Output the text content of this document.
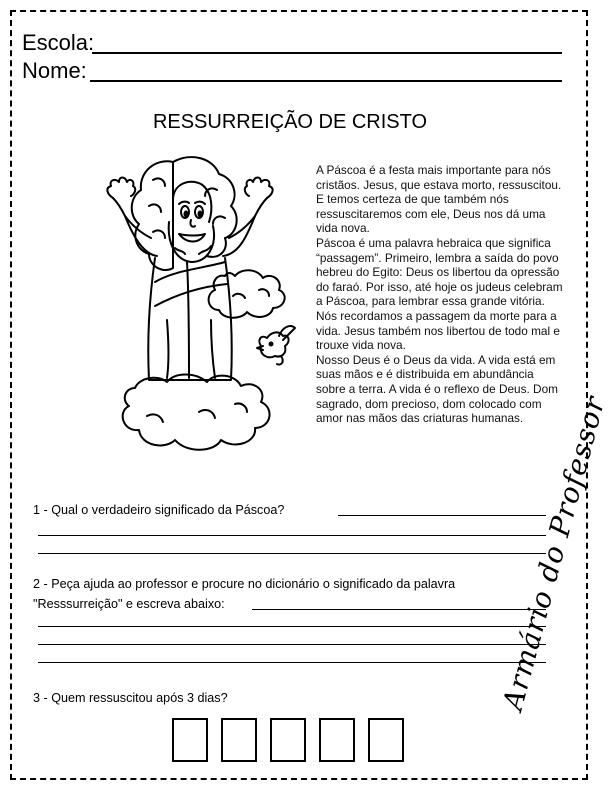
Escola:
Nome:
RESSURREIÇÃO DE CRISTO

A Páscoa é a festa mais importante para nós cristãos. Jesus, que estava morto, ressuscitou. E temos certeza de que também nós ressuscitaremos com ele, Deus nos dá uma vida nova.

Páscoa é uma palavra hebraica que significa “passagem”. Primeiro, lembra a saída do povo hebreu do Egito: Deus os libertou da opressão do faraó. Por isso, até hoje os judeus celebram a Páscoa, para lembrar essa grande vitória.

Nós recordamos a passagem da morte para a vida. Jesus também nos libertou de todo mal e trouxe vida nova.

Nosso Deus é o Deus da vida. A vida está em suas mãos e é distribuida em abundância sobre a terra. A vida é o reflexo de Deus. Dom sagrado, dom precioso, dom colocado com amor nas mãos das criaturas humanas.

1 - Qual o verdadeiro significado da Páscoa?
2 - Peça ajuda ao professor e procure no dicionário o significado da palavra
"Resssurreição" e escreva abaixo:
3 - Quem ressuscitou após 3 dias?	Armário do Professor
